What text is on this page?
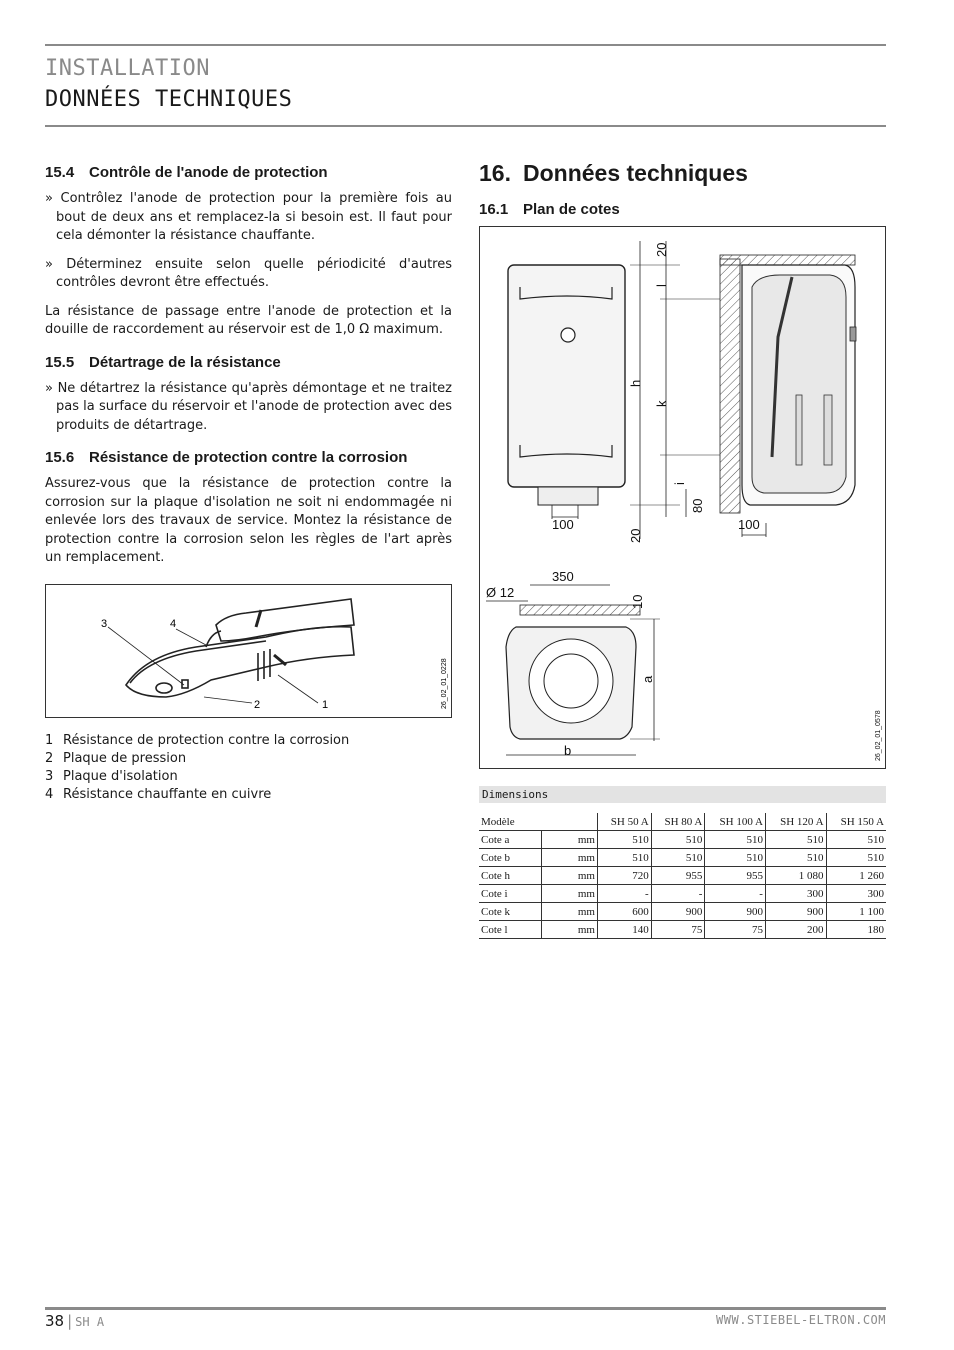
INSTALLATION
DONNÉES TECHNIQUES
15.4 Contrôle de l'anode de protection

» Contrôlez l'anode de protection pour la première fois au bout de deux ans et remplacez-la si besoin est. Il faut pour cela démonter la résistance chauffante.

» Déterminez ensuite selon quelle périodicité d'autres contrôles devront être effectués.

La résistance de passage entre l'anode de protection et la douille de raccordement au réservoir est de 1,0 Ω maximum.

15.5 Détartrage de la résistance

» Ne détartrez la résistance qu'après démontage et ne traitez pas la surface du réservoir et l'anode de protection avec des produits de détartrage.

15.6 Résistance de protection contre la corrosion

Assurez-vous que la résistance de protection contre la corrosion sur la plaque d'isolation ne soit ni endommagée ni enlevée lors des travaux de service. Montez la résistance de protection contre la corrosion selon les règles de l'art après un remplacement.

3	4
2	1	26_02_01_0228
1 Résistance de protection contre la corrosion
2 Plaque de pression
3 Plaque d'isolation
4 Résistance chauffante en cuivre
16. Données techniques
16.1 Plan de cotes
100
20
l
h
k
i
80
20
100
350
Ø 12
10
a
b	26_02_01_0578
Dimensions
Modèle		SH 50 A	SH 80 A	SH 100 A	SH 120 A	SH 150 A
Cote a	mm	510	510	510	510	510
Cote b	mm	510	510	510	510	510
Cote h	mm	720	955	955	1 080	1 260
Cote i	mm	-	-	-	300	300
Cote k	mm	600	900	900	900	1 100
Cote l	mm	140	75	75	200	180
38 | SH A	WWW.STIEBEL-ELTRON.COM
